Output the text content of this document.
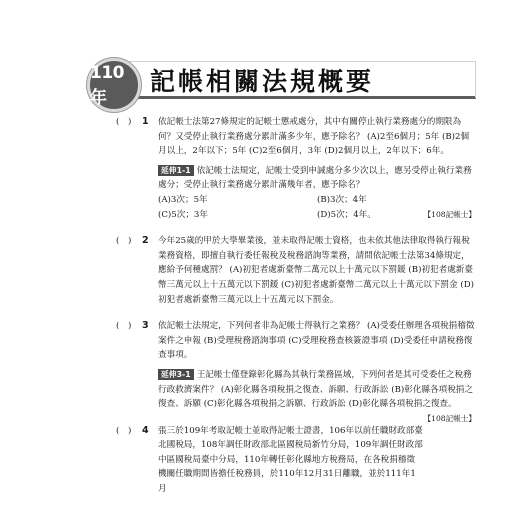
110年
記帳相關法規概要
(　)	1	依記帳士法第27條規定的記帳士懲戒處分，其中有關停止執行業務處分的期限為何？又受停止執行業務處分累計滿多少年，應予除名？ (A)2至6個月；5年 (B)2個月以上，2年以下；5年 (C)2至6個月，3年 (D)2個月以上，2年以下；6年。
延伸1-1 依記帳士法規定，記帳士受到申誡處分多少次以上，應另受停止執行業務處分；受停止執行業務處分累計滿幾年者，應予除名？
(A)3次；5年	(B)3次；4年
(C)5次；3年	(D)5次；4年。	【108記帳士】
(　)	2	今年25歲的甲於大學畢業後，並未取得記帳士資格，也未依其他法律取得執行報稅業務資格，即擅自執行委任報稅及稅務諮詢等業務，請問依記帳士法第34條規定，應給予何種處罰？ (A)初犯者處新臺幣二萬元以上十萬元以下罰鍰 (B)初犯者處新臺幣三萬元以上十五萬元以下罰鍰 (C)初犯者處新臺幣二萬元以上十萬元以下罰金 (D)初犯者處新臺幣三萬元以上十五萬元以下罰金。
(　)	3	依記帳士法規定，下列何者非為記帳士得執行之業務？ (A)受委任辦理各項稅捐稽徵案件之申報 (B)受理稅務諮詢事項 (C)受理稅務查核簽證事項 (D)受委任申請稅務復查事項。
延伸3-1 王記帳士僅登錄彰化縣為其執行業務區域，下列何者是其可受委任之稅務行政救濟案件？ (A)彰化縣各項稅捐之復查、訴願、行政訴訟 (B)彰化縣各項稅捐之復查、訴願 (C)彰化縣各項稅捐之訴願、行政訴訟 (D)彰化縣各項稅捐之復查。
【108記帳士】
(　)	4	張三於109年考取記帳士並取得記帳士證書，106年以前任職財政部臺北國稅局，108年調任財政部北區國稅局新竹分局，109年調任財政部中區國稅局臺中分局，110年轉任彰化縣地方稅務局，在各稅捐稽徵機關任職期間皆擔任稅務員，於110年12月31日離職，並於111年1月
